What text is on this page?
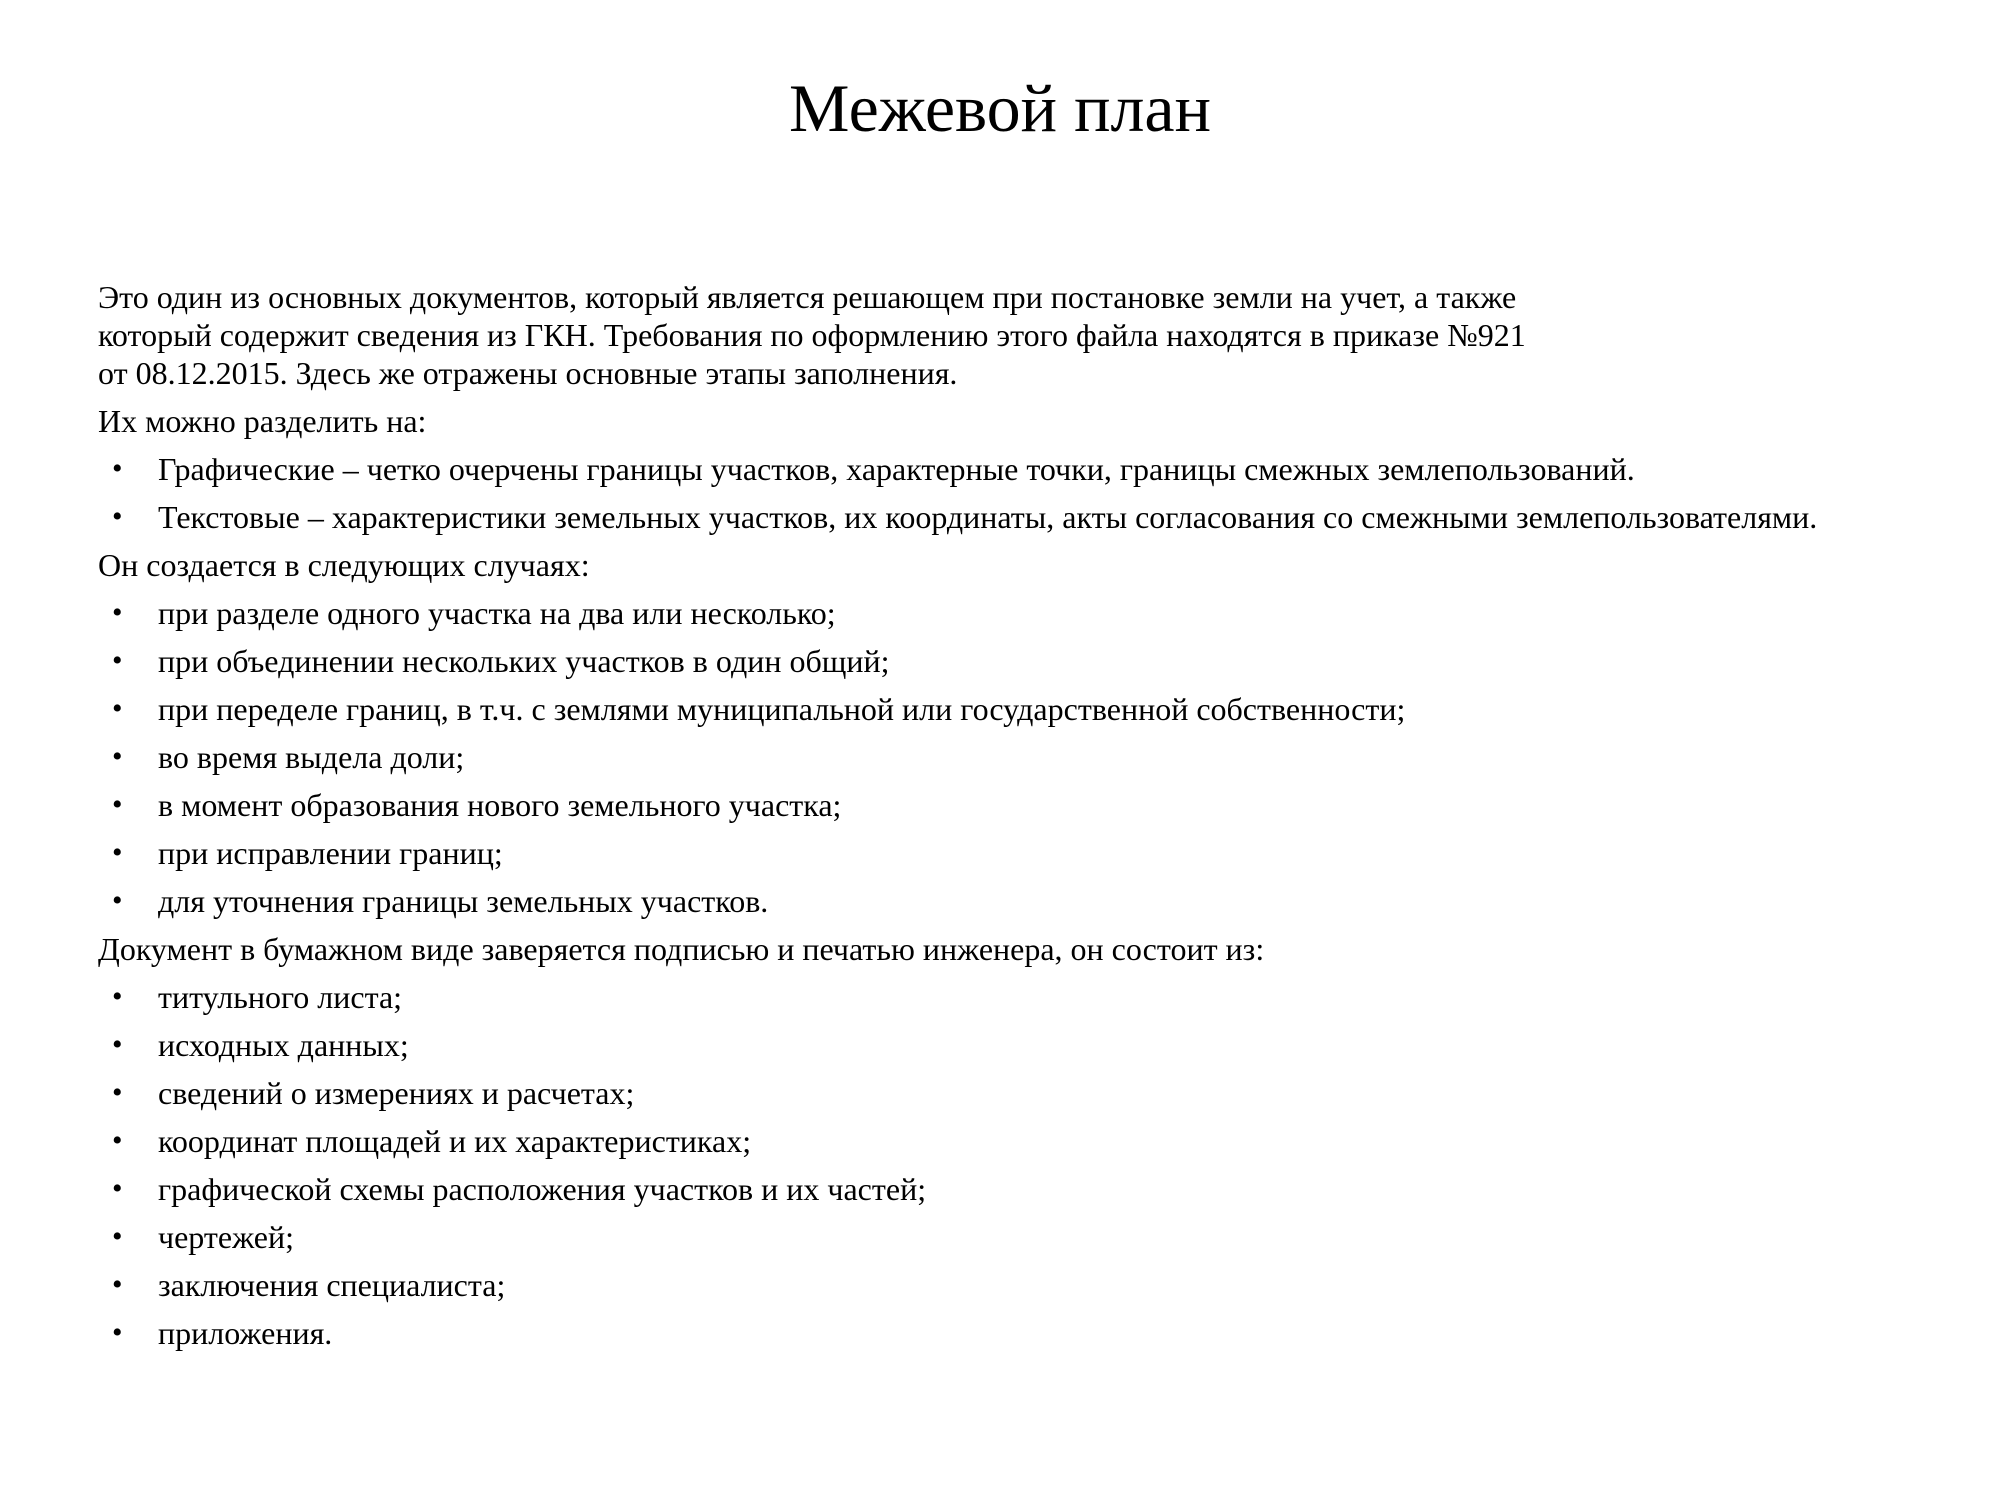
Межевой план
Это один из основных документов, который является решающем при постановке земли на учет, а также
который содержит сведения из ГКН. Требования по оформлению этого файла находятся в приказе №921
от 08.12.2015. Здесь же отражены основные этапы заполнения.

Их можно разделить на:

• Графические – четко очерчены границы участков, характерные точки, границы смежных землепользований.
• Текстовые – характеристики земельных участков, их координаты, акты согласования со смежными землепользователями.

Он создается в следующих случаях:

• при разделе одного участка на два или несколько;
• при объединении нескольких участков в один общий;
• при переделе границ, в т.ч. с землями муниципальной или государственной собственности;
• во время выдела доли;
• в момент образования нового земельного участка;
• при исправлении границ;
• для уточнения границы земельных участков.

Документ в бумажном виде заверяется подписью и печатью инженера, он состоит из:

• титульного листа;
• исходных данных;
• сведений о измерениях и расчетах;
• координат площадей и их характеристиках;
• графической схемы расположения участков и их частей;
• чертежей;
• заключения специалиста;
• приложения.
